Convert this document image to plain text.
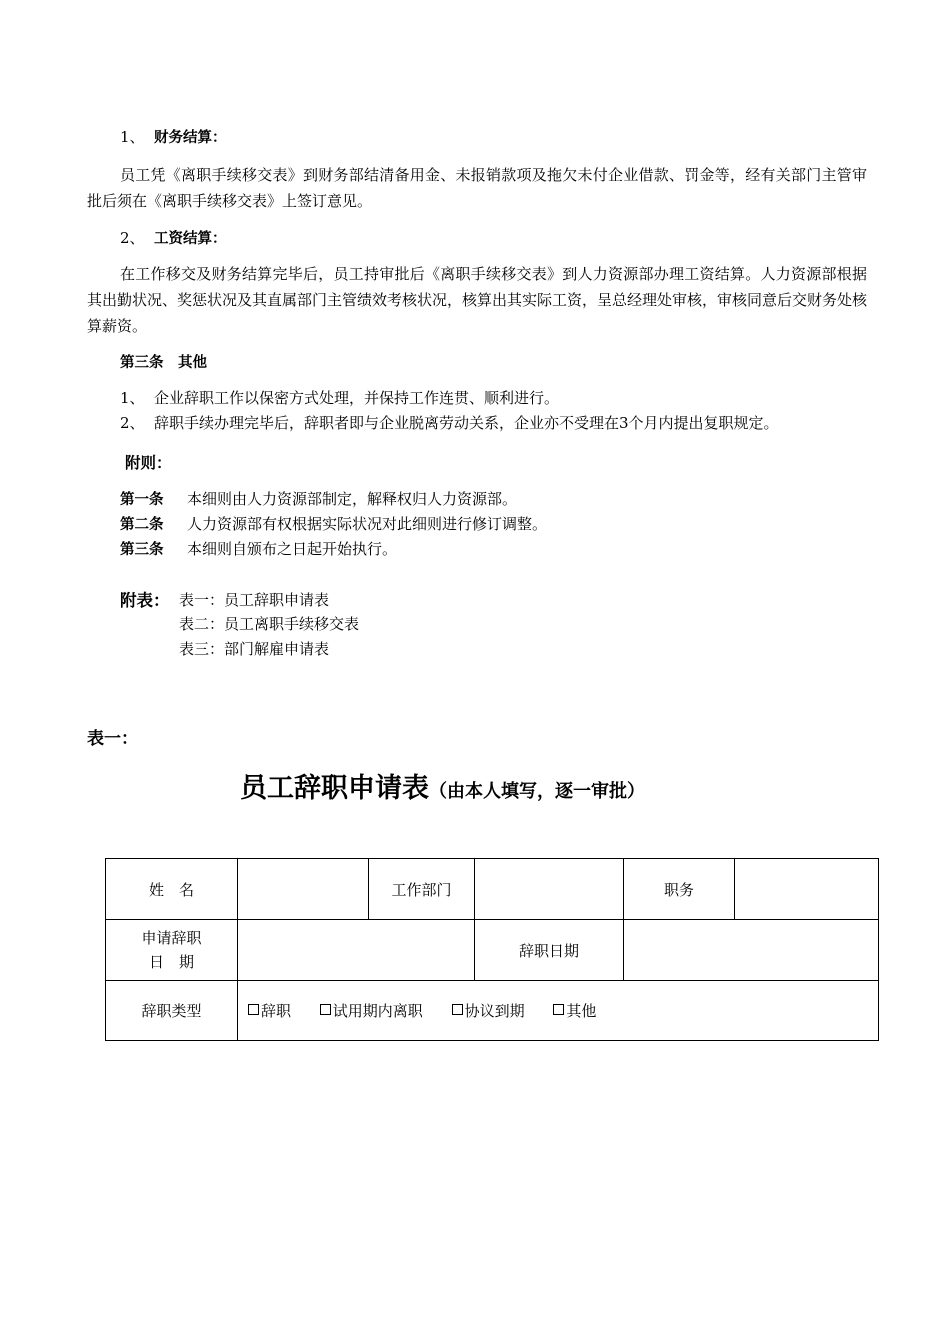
1、 财务结算：
员工凭《离职手续移交表》到财务部结清备用金、未报销款项及拖欠未付企业借款、罚金等，经有关部门主管审批后须在《离职手续移交表》上签订意见。
2、 工资结算：
在工作移交及财务结算完毕后，员工持审批后《离职手续移交表》到人力资源部办理工资结算。人力资源部根据其出勤状况、奖惩状况及其直属部门主管绩效考核状况，核算出其实际工资，呈总经理处审核，审核同意后交财务处核算薪资。
第三条　其他
1、 企业辞职工作以保密方式处理，并保持工作连贯、顺利进行。
2、 辞职手续办理完毕后，辞职者即与企业脱离劳动关系，企业亦不受理在3个月内提出复职规定。
附则：
第一条 本细则由人力资源部制定，解释权归人力资源部。
第二条 人力资源部有权根据实际状况对此细则进行修订调整。
第三条 本细则自颁布之日起开始执行。
附表： 表一：员工辞职申请表
表二：员工离职手续移交表
表三：部门解雇申请表
表一：
员工辞职申请表（由本人填写，逐一审批）
姓　名		工作部门		职务	

申请辞职
日　期			辞职日期		
辞职类型	辞职 试用期内离职 协议到期 其他				
